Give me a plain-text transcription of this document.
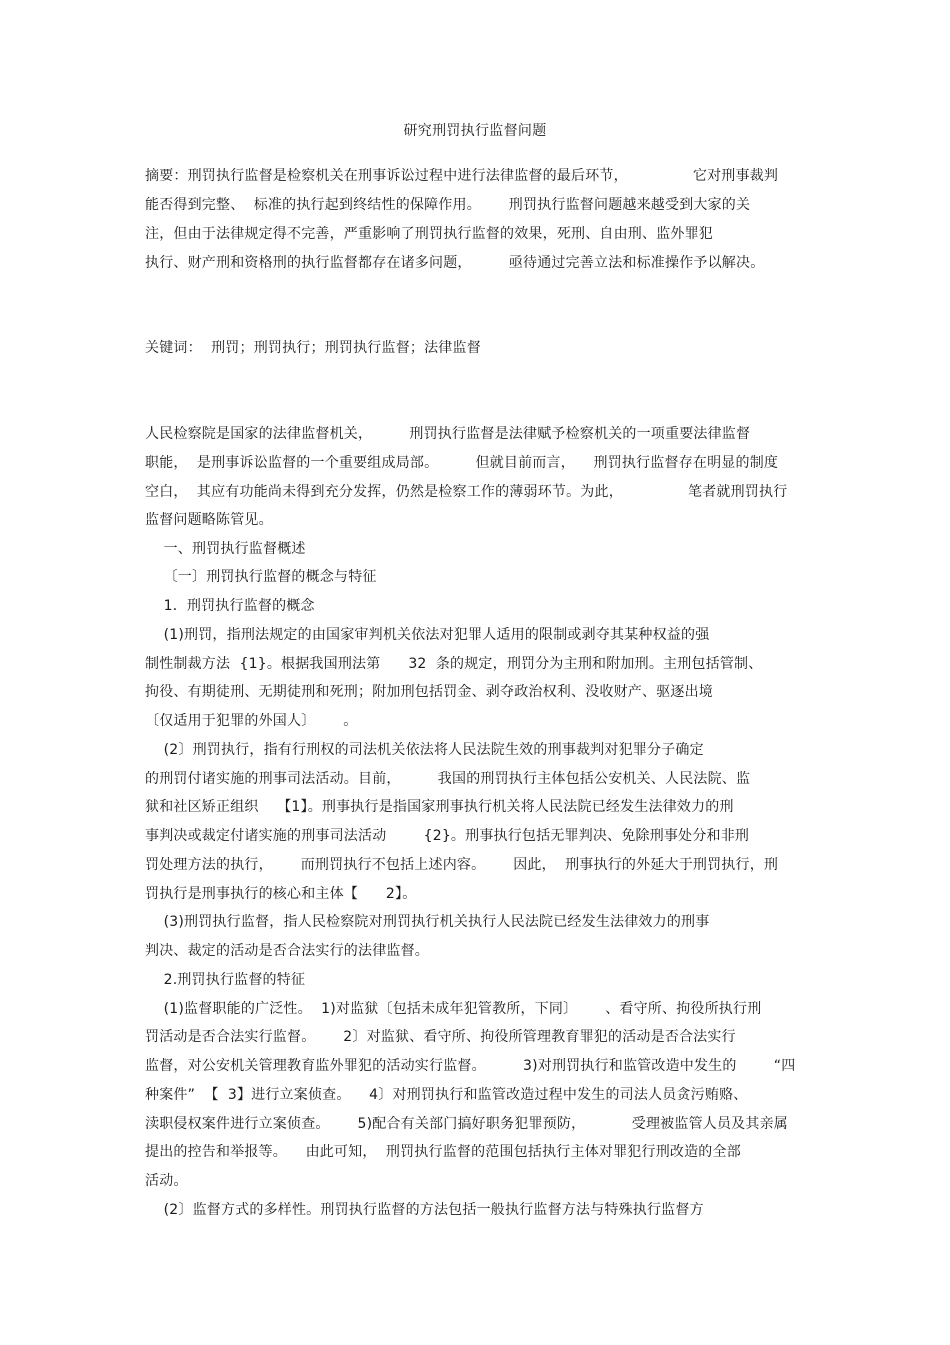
研究刑罚执行监督问题
摘要：刑罚执行监督是检察机关在刑事诉讼过程中进行法律监督的最后环节，              它对刑事裁判
能否得到完整、  标准的执行起到终结性的保障作用。      刑罚执行监督问题越来越受到大家的关
注，但由于法律规定得不完善，严重影响了刑罚执行监督的效果，死刑、自由刑、监外罪犯
执行、财产刑和资格刑的执行监督都存在诸多问题，        亟待通过完善立法和标准操作予以解决。
关键词：  刑罚；刑罚执行；刑罚执行监督；法律监督
人民检察院是国家的法律监督机关，        刑罚执行监督是法律赋予检察机关的一项重要法律监督
职能，  是刑事诉讼监督的一个重要组成局部。        但就目前而言，    刑罚执行监督存在明显的制度
空白，  其应有功能尚未得到充分发挥，仍然是检察工作的薄弱环节。为此，              笔者就刑罚执行
监督问题略陈管见。
一、刑罚执行监督概述
〔一〕刑罚执行监督的概念与特征
1．刑罚执行监督的概念
(1)刑罚，指刑法规定的由国家审判机关依法对犯罪人适用的限制或剥夺其某种权益的强
制性制裁方法  {1}。根据我国刑法第      32  条的规定，刑罚分为主刑和附加刑。主刑包括管制、
拘役、有期徒刑、无期徒刑和死刑；附加刑包括罚金、剥夺政治权利、没收财产、驱逐出境
〔仅适用于犯罪的外国人〕      。
(2〕刑罚执行，指有行刑权的司法机关依法将人民法院生效的刑事裁判对犯罪分子确定
的刑罚付诸实施的刑事司法活动。目前，        我国的刑罚执行主体包括公安机关、人民法院、监
狱和社区矫正组织    【1】。刑事执行是指国家刑事执行机关将人民法院已经发生法律效力的刑
事判决或裁定付诸实施的刑事司法活动        {2}。刑事执行包括无罪判决、免除刑事处分和非刑
罚处理方法的执行，      而刑罚执行不包括上述内容。      因此，  刑事执行的外延大于刑罚执行，刑
罚执行是刑事执行的核心和主体【      2】。
(3)刑罚执行监督，指人民检察院对刑罚执行机关执行人民法院已经发生法律效力的刑事
判决、裁定的活动是否合法实行的法律监督。
2.刑罚执行监督的特征
(1)监督职能的广泛性。  1)对监狱〔包括未成年犯管教所，下同〕      、看守所、拘役所执行刑
罚活动是否合法实行监督。      2〕对监狱、看守所、拘役所管理教育罪犯的活动是否合法实行
监督，对公安机关管理教育监外罪犯的活动实行监督。        3)对刑罚执行和监管改造中发生的        “四
种案件”  【  3】进行立案侦查。    4〕对刑罚执行和监管改造过程中发生的司法人员贪污贿赂、
渎职侵权案件进行立案侦查。      5)配合有关部门搞好职务犯罪预防，          受理被监管人员及其亲属
提出的控告和举报等。    由此可知，  刑罚执行监督的范围包括执行主体对罪犯行刑改造的全部
活动。
(2〕监督方式的多样性。刑罚执行监督的方法包括一般执行监督方法与特殊执行监督方
